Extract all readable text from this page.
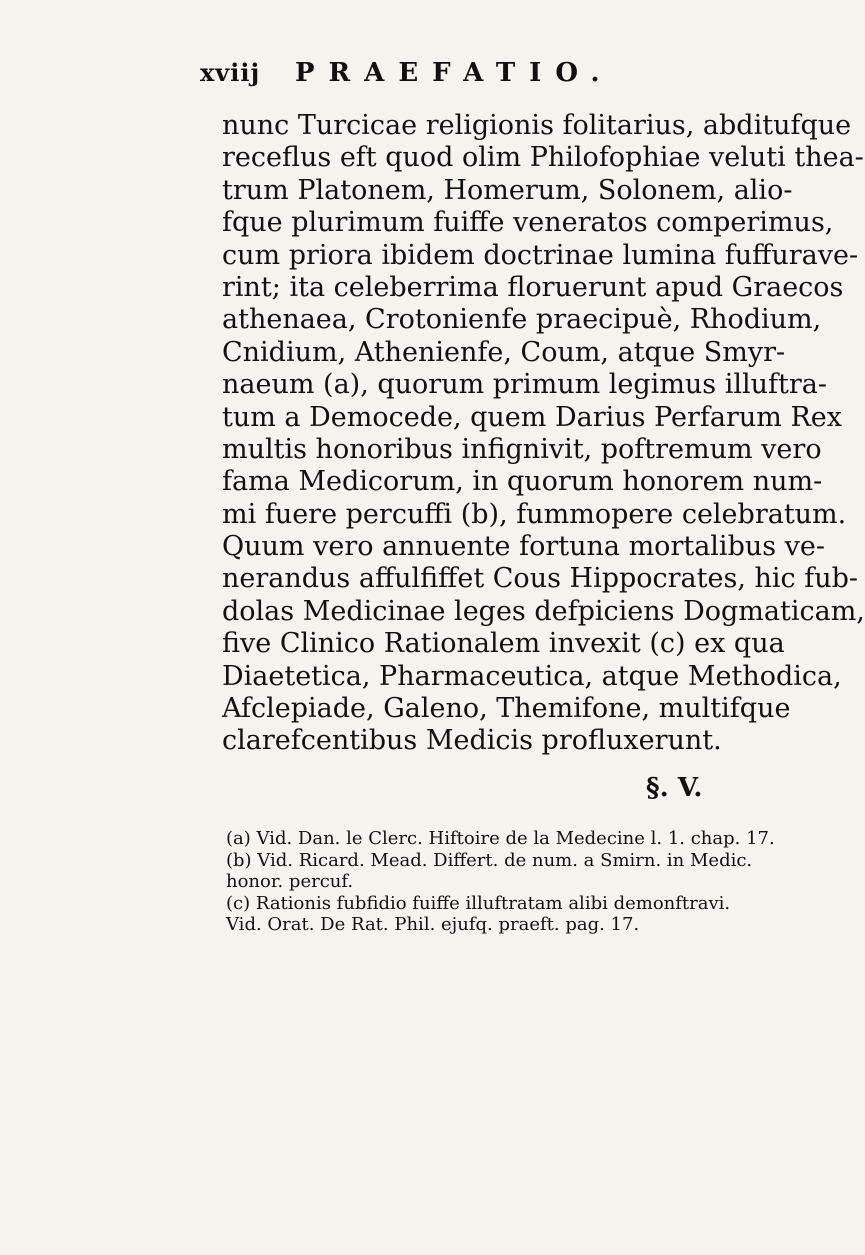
xviij PRAEFATIO.
nunc Turcicae religionis folitarius, abditufque
receflus eft quod olim Philofophiae veluti thea-
trum Platonem, Homerum, Solonem, alio-
fque plurimum fuiffe veneratos comperimus,
cum priora ibidem doctrinae lumina fuffurave-
rint; ita celeberrima floruerunt apud Graecos
athenaea, Crotonienfe praecipuè, Rhodium,
Cnidium, Athenienfe, Coum, atque Smyr-
naeum (a), quorum primum legimus illuftra-
tum a Democede, quem Darius Perfarum Rex
multis honoribus infignivit, poftremum vero
fama Medicorum, in quorum honorem num-
mi fuere percuffi (b), fummopere celebratum.
Quum vero annuente fortuna mortalibus ve-
nerandus affulfiffet Cous Hippocrates, hic fub-
dolas Medicinae leges defpiciens Dogmaticam,
five Clinico Rationalem invexit (c) ex qua
Diaetetica, Pharmaceutica, atque Methodica,
Afclepiade, Galeno, Themifone, multifque
clarefcentibus Medicis profluxerunt.
§. V.
(a) Vid. Dan. le Clerc. Hiftoire de la Medecine l. 1. chap. 17.
(b) Vid. Ricard. Mead. Differt. de num. a Smirn. in Medic.
honor. percuf.
(c) Rationis fubfidio fuiffe illuftratam alibi demonftravi.
Vid. Orat. De Rat. Phil. ejufq. praeft. pag. 17.
